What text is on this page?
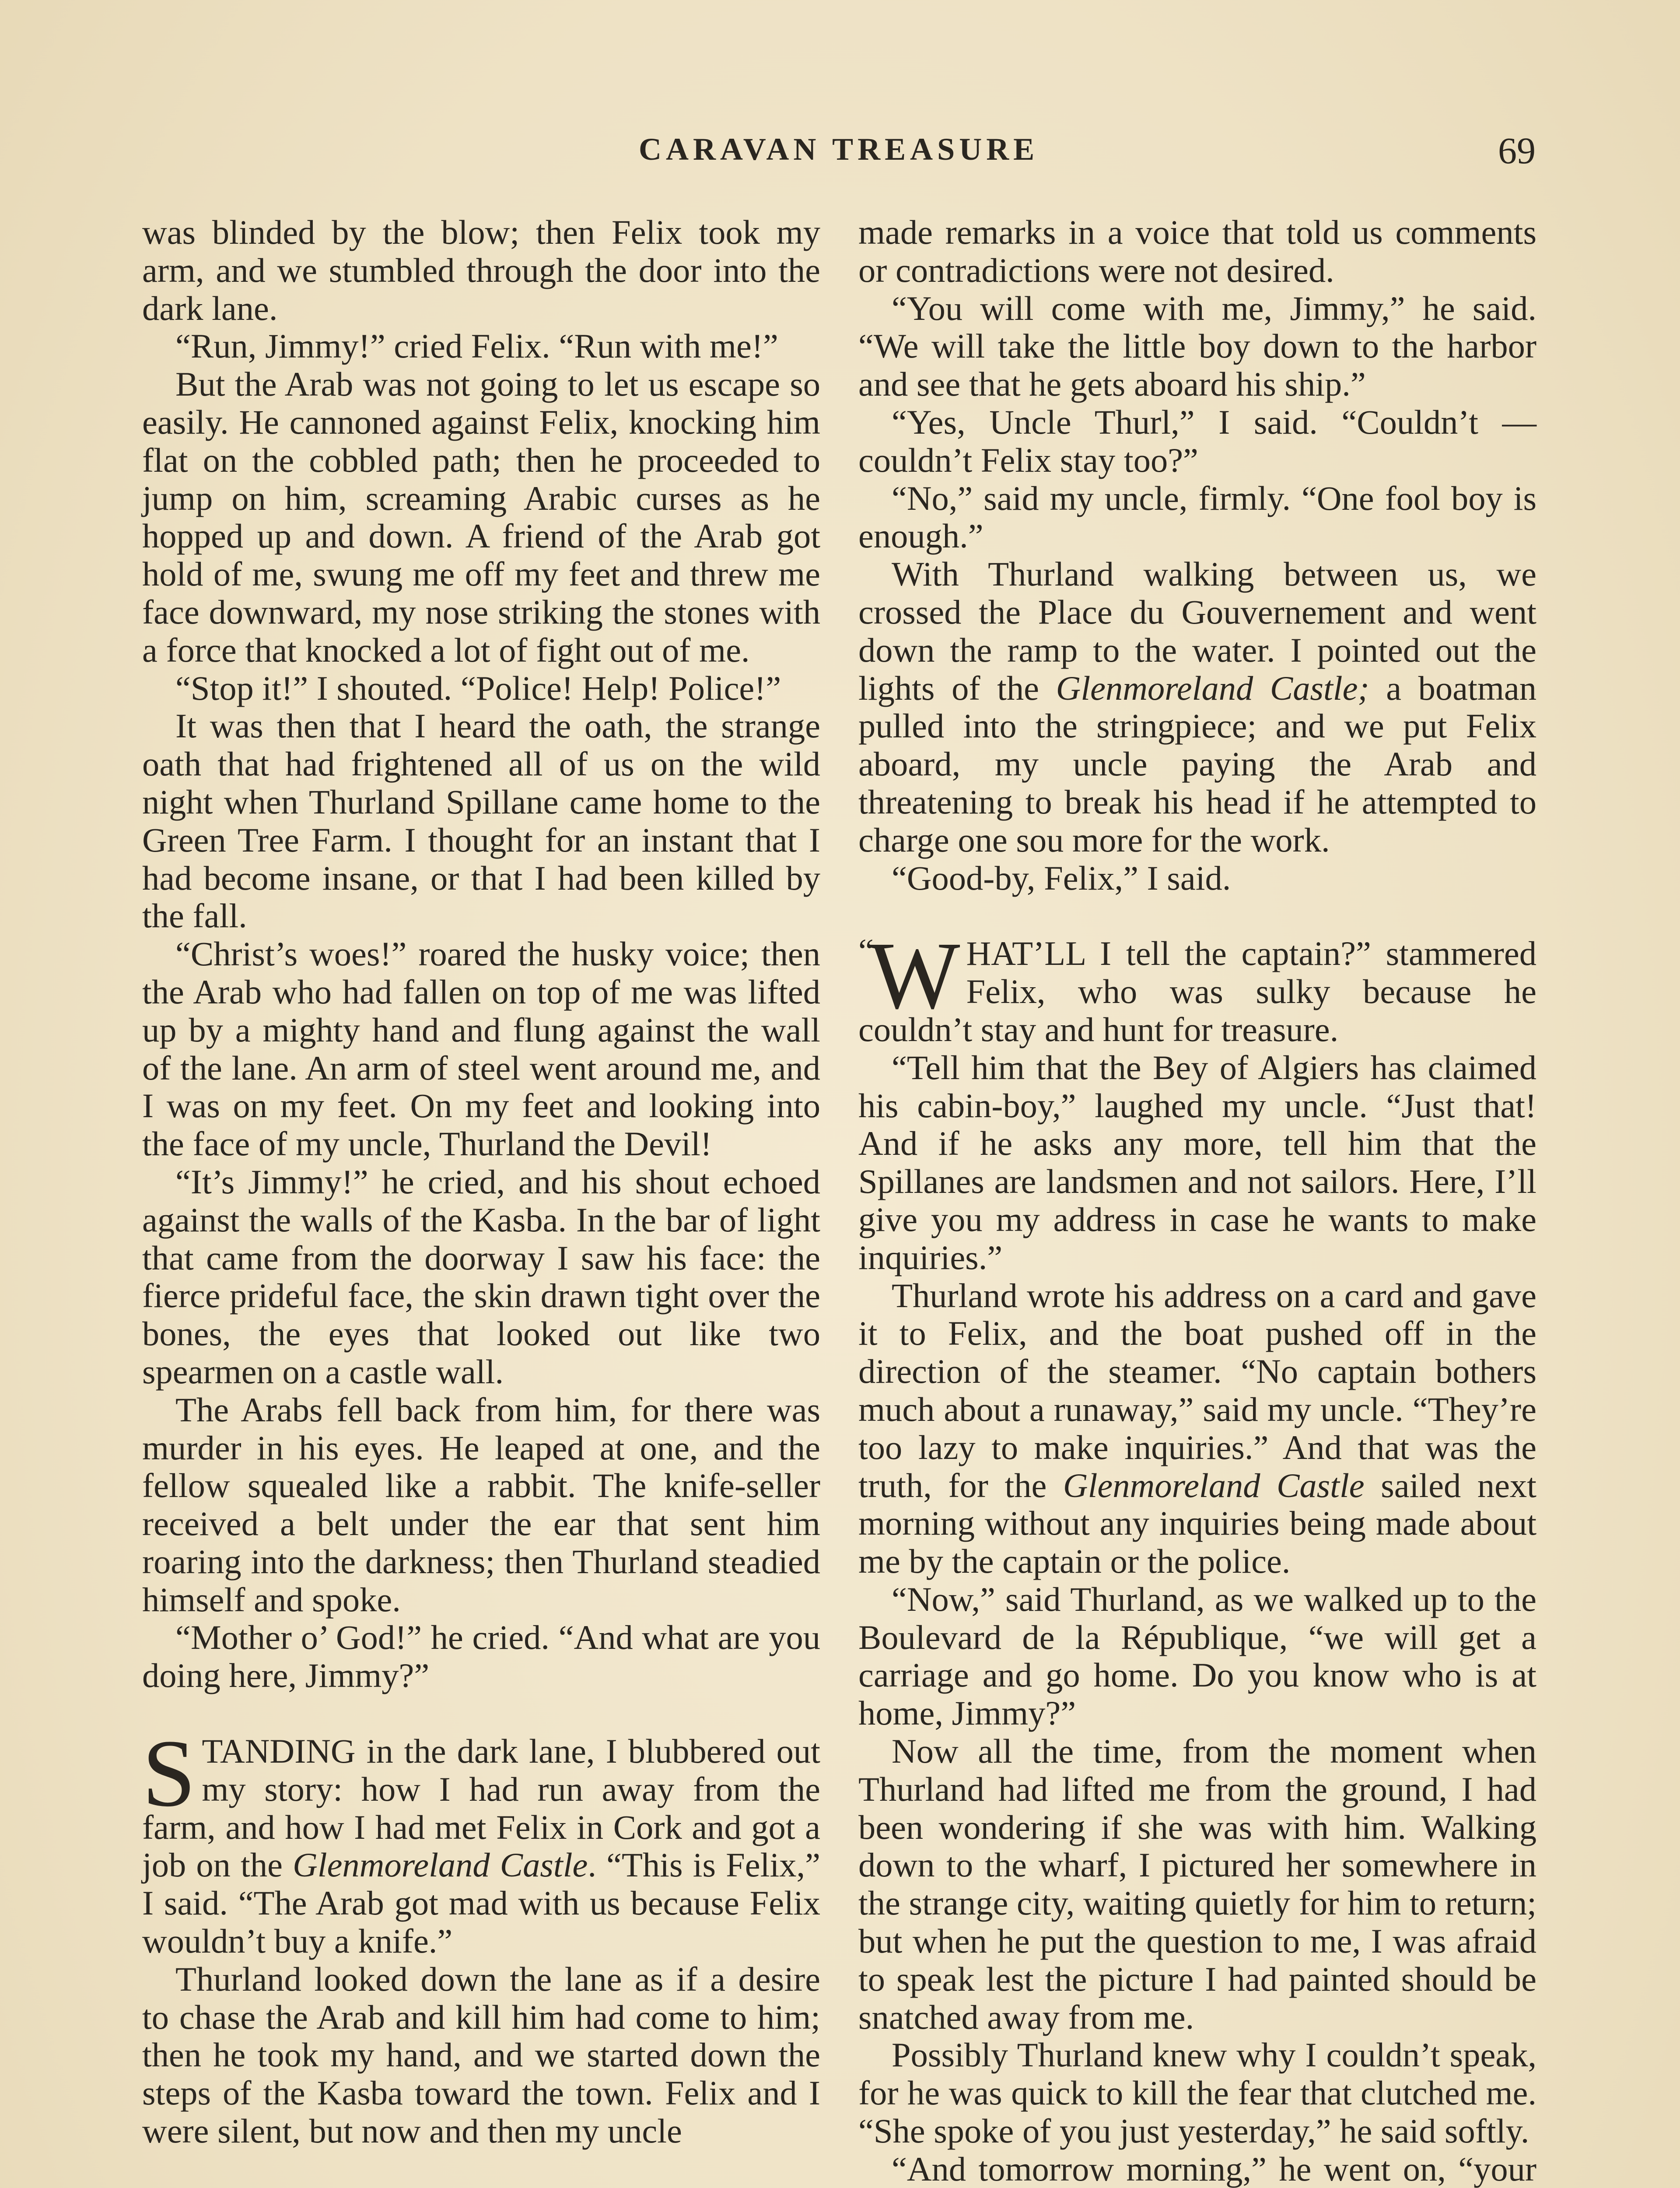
CARAVAN TREASURE	69

was blinded by the blow; then Felix took my arm, and we stumbled through the door into the dark lane.

“Run, Jimmy!” cried Felix. “Run with me!”

But the Arab was not going to let us escape so easily. He cannoned against Felix, knocking him flat on the cobbled path; then he proceeded to jump on him, screaming Arabic curses as he hopped up and down. A friend of the Arab got hold of me, swung me off my feet and threw me face downward, my nose striking the stones with a force that knocked a lot of fight out of me.

“Stop it!” I shouted. “Police! Help! Police!”

It was then that I heard the oath, the strange oath that had frightened all of us on the wild night when Thurland Spillane came home to the Green Tree Farm. I thought for an instant that I had become insane, or that I had been killed by the fall.

“Christ’s woes!” roared the husky voice; then the Arab who had fallen on top of me was lifted up by a mighty hand and flung against the wall of the lane. An arm of steel went around me, and I was on my feet. On my feet and looking into the face of my uncle, Thurland the Devil!

“It’s Jimmy!” he cried, and his shout echoed against the walls of the Kasba. In the bar of light that came from the doorway I saw his face: the fierce prideful face, the skin drawn tight over the bones, the eyes that looked out like two spearmen on a castle wall.

The Arabs fell back from him, for there was murder in his eyes. He leaped at one, and the fellow squealed like a rabbit. The knife-seller received a belt under the ear that sent him roaring into the darkness; then Thurland steadied himself and spoke.

“Mother o’ God!” he cried. “And what are you doing here, Jimmy?”

STANDING in the dark lane, I blubbered out my story: how I had run away from the farm, and how I had met Felix in Cork and got a job on the Glenmoreland Castle. “This is Felix,” I said. “The Arab got mad with us because Felix wouldn’t buy a knife.”

Thurland looked down the lane as if a desire to chase the Arab and kill him had come to him; then he took my hand, and we started down the steps of the Kasba toward the town. Felix and I were silent, but now and then my uncle

made remarks in a voice that told us comments or contradictions were not desired.

“You will come with me, Jimmy,” he said. “We will take the little boy down to the harbor and see that he gets aboard his ship.”

“Yes, Uncle Thurl,” I said. “Couldn’t —couldn’t Felix stay too?”

“No,” said my uncle, firmly. “One fool boy is enough.”

With Thurland walking between us, we crossed the Place du Gouvernement and went down the ramp to the water. I pointed out the lights of the Glenmoreland Castle; a boatman pulled into the stringpiece; and we put Felix aboard, my uncle paying the Arab and threatening to break his head if he attempted to charge one sou more for the work.

“Good-by, Felix,” I said.

“
W HAT’LL I tell the captain?” stammered Felix, who was sulky because he couldn’t stay and hunt for treasure.

“Tell him that the Bey of Algiers has claimed his cabin-boy,” laughed my uncle. “Just that! And if he asks any more, tell him that the Spillanes are landsmen and not sailors. Here, I’ll give you my address in case he wants to make inquiries.”

Thurland wrote his address on a card and gave it to Felix, and the boat pushed off in the direction of the steamer. “No captain bothers much about a runaway,” said my uncle. “They’re too lazy to make inquiries.” And that was the truth, for the Glenmoreland Castle sailed next morning without any inquiries being made about me by the captain or the police.

“Now,” said Thurland, as we walked up to the Boulevard de la République, “we will get a carriage and go home. Do you know who is at home, Jimmy?”

Now all the time, from the moment when Thurland had lifted me from the ground, I had been wondering if she was with him. Walking down to the wharf, I pictured her somewhere in the strange city, waiting quietly for him to return; but when he put the question to me, I was afraid to speak lest the picture I had painted should be snatched away from me.

Possibly Thurland knew why I couldn’t speak, for he was quick to kill the fear that clutched me. “She spoke of you just yesterday,” he said softly.

“And tomorrow morning,” he went on, “your
